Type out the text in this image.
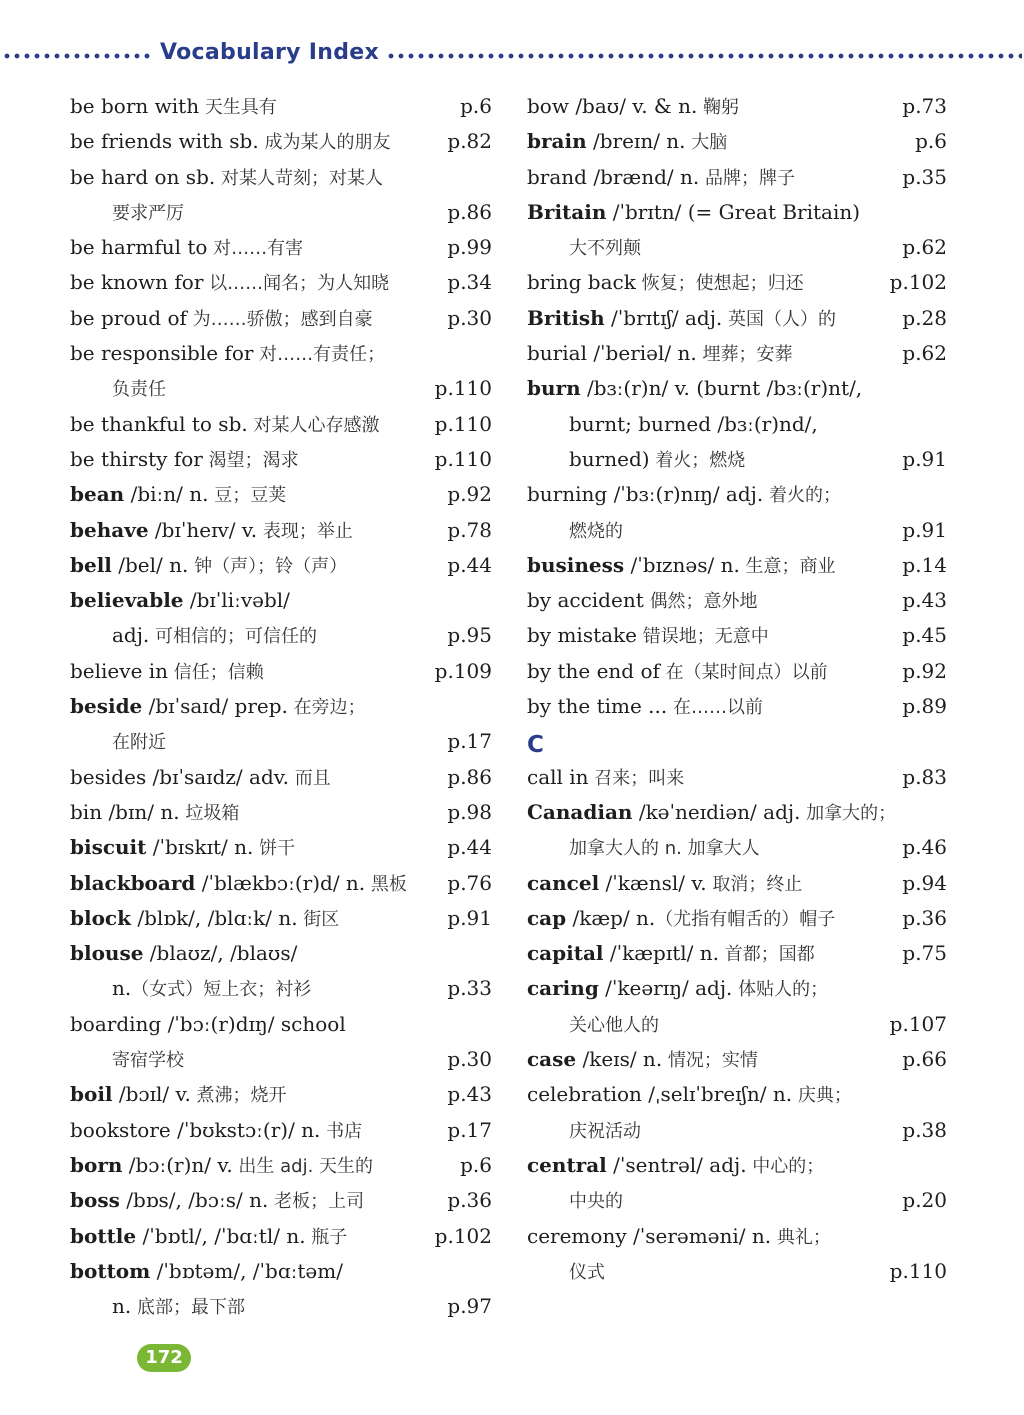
Vocabulary Index
be born with 天生具有	p.6
be friends with sb. 成为某人的朋友	p.82
be hard on sb. 对某人苛刻；对某人
要求严厉	p.86
be harmful to 对……有害	p.99
be known for 以……闻名；为人知晓	p.34
be proud of 为……骄傲；感到自豪	p.30
be responsible for 对……有责任；
负责任	p.110
be thankful to sb. 对某人心存感激	p.110
be thirsty for 渴望；渴求	p.110
bean /biːn/ n. 豆；豆荚	p.92
behave /bɪˈheɪv/ v. 表现；举止	p.78
bell /bel/ n. 钟（声）；铃（声）	p.44
believable /bɪˈliːvəbl/
adj. 可相信的；可信任的	p.95
believe in 信任；信赖	p.109
beside /bɪˈsaɪd/ prep. 在旁边；
在附近	p.17
besides /bɪˈsaɪdz/ adv. 而且	p.86
bin /bɪn/ n. 垃圾箱	p.98
biscuit /ˈbɪskɪt/ n. 饼干	p.44
blackboard /ˈblækbɔː(r)d/ n. 黑板 p.76
block /blɒk/, /blɑːk/ n. 街区	p.91
blouse /blaʊz/, /blaʊs/
n.（女式）短上衣；衬衫	p.33
boarding /ˈbɔː(r)dɪŋ/ school
寄宿学校	p.30
boil /bɔɪl/ v. 煮沸；烧开	p.43
bookstore /ˈbʊkstɔː(r)/ n. 书店	p.17
born /bɔː(r)n/ v. 出生 adj. 天生的	p.6
boss /bɒs/, /bɔːs/ n. 老板；上司	p.36
bottle /ˈbɒtl/, /ˈbɑːtl/ n. 瓶子	p.102
bottom /ˈbɒtəm/, /ˈbɑːtəm/
n. 底部；最下部	p.97
bow /baʊ/ v. & n. 鞠躬	p.73
brain /breɪn/ n. 大脑	p.6
brand /brænd/ n. 品牌；牌子	p.35
Britain /ˈbrɪtn/ (= Great Britain)
大不列颠	p.62
bring back 恢复；使想起；归还	p.102
British /ˈbrɪtɪʃ/ adj. 英国（人）的	p.28
burial /ˈberiəl/ n. 埋葬；安葬	p.62
burn /bɜː(r)n/ v. (burnt /bɜː(r)nt/,
burnt; burned /bɜː(r)nd/,
burned) 着火；燃烧	p.91
burning /ˈbɜː(r)nɪŋ/ adj. 着火的；
燃烧的	p.91
business /ˈbɪznəs/ n. 生意；商业	p.14
by accident 偶然；意外地	p.43
by mistake 错误地；无意中	p.45
by the end of 在（某时间点）以前	p.92
by the time ... 在……以前	p.89
C
call in 召来；叫来	p.83
Canadian /kəˈneɪdiən/ adj. 加拿大的；
加拿大人的 n. 加拿大人	p.46
cancel /ˈkænsl/ v. 取消；终止	p.94
cap /kæp/ n.（尤指有帽舌的）帽子	p.36
capital /ˈkæpɪtl/ n. 首都；国都	p.75
caring /ˈkeərɪŋ/ adj. 体贴人的；
关心他人的	p.107
case /keɪs/ n. 情况；实情	p.66
celebration /ˌselɪˈbreɪʃn/ n. 庆典；
庆祝活动	p.38
central /ˈsentrəl/ adj. 中心的；
中央的	p.20
ceremony /ˈserəməni/ n. 典礼；
仪式	p.110
172
